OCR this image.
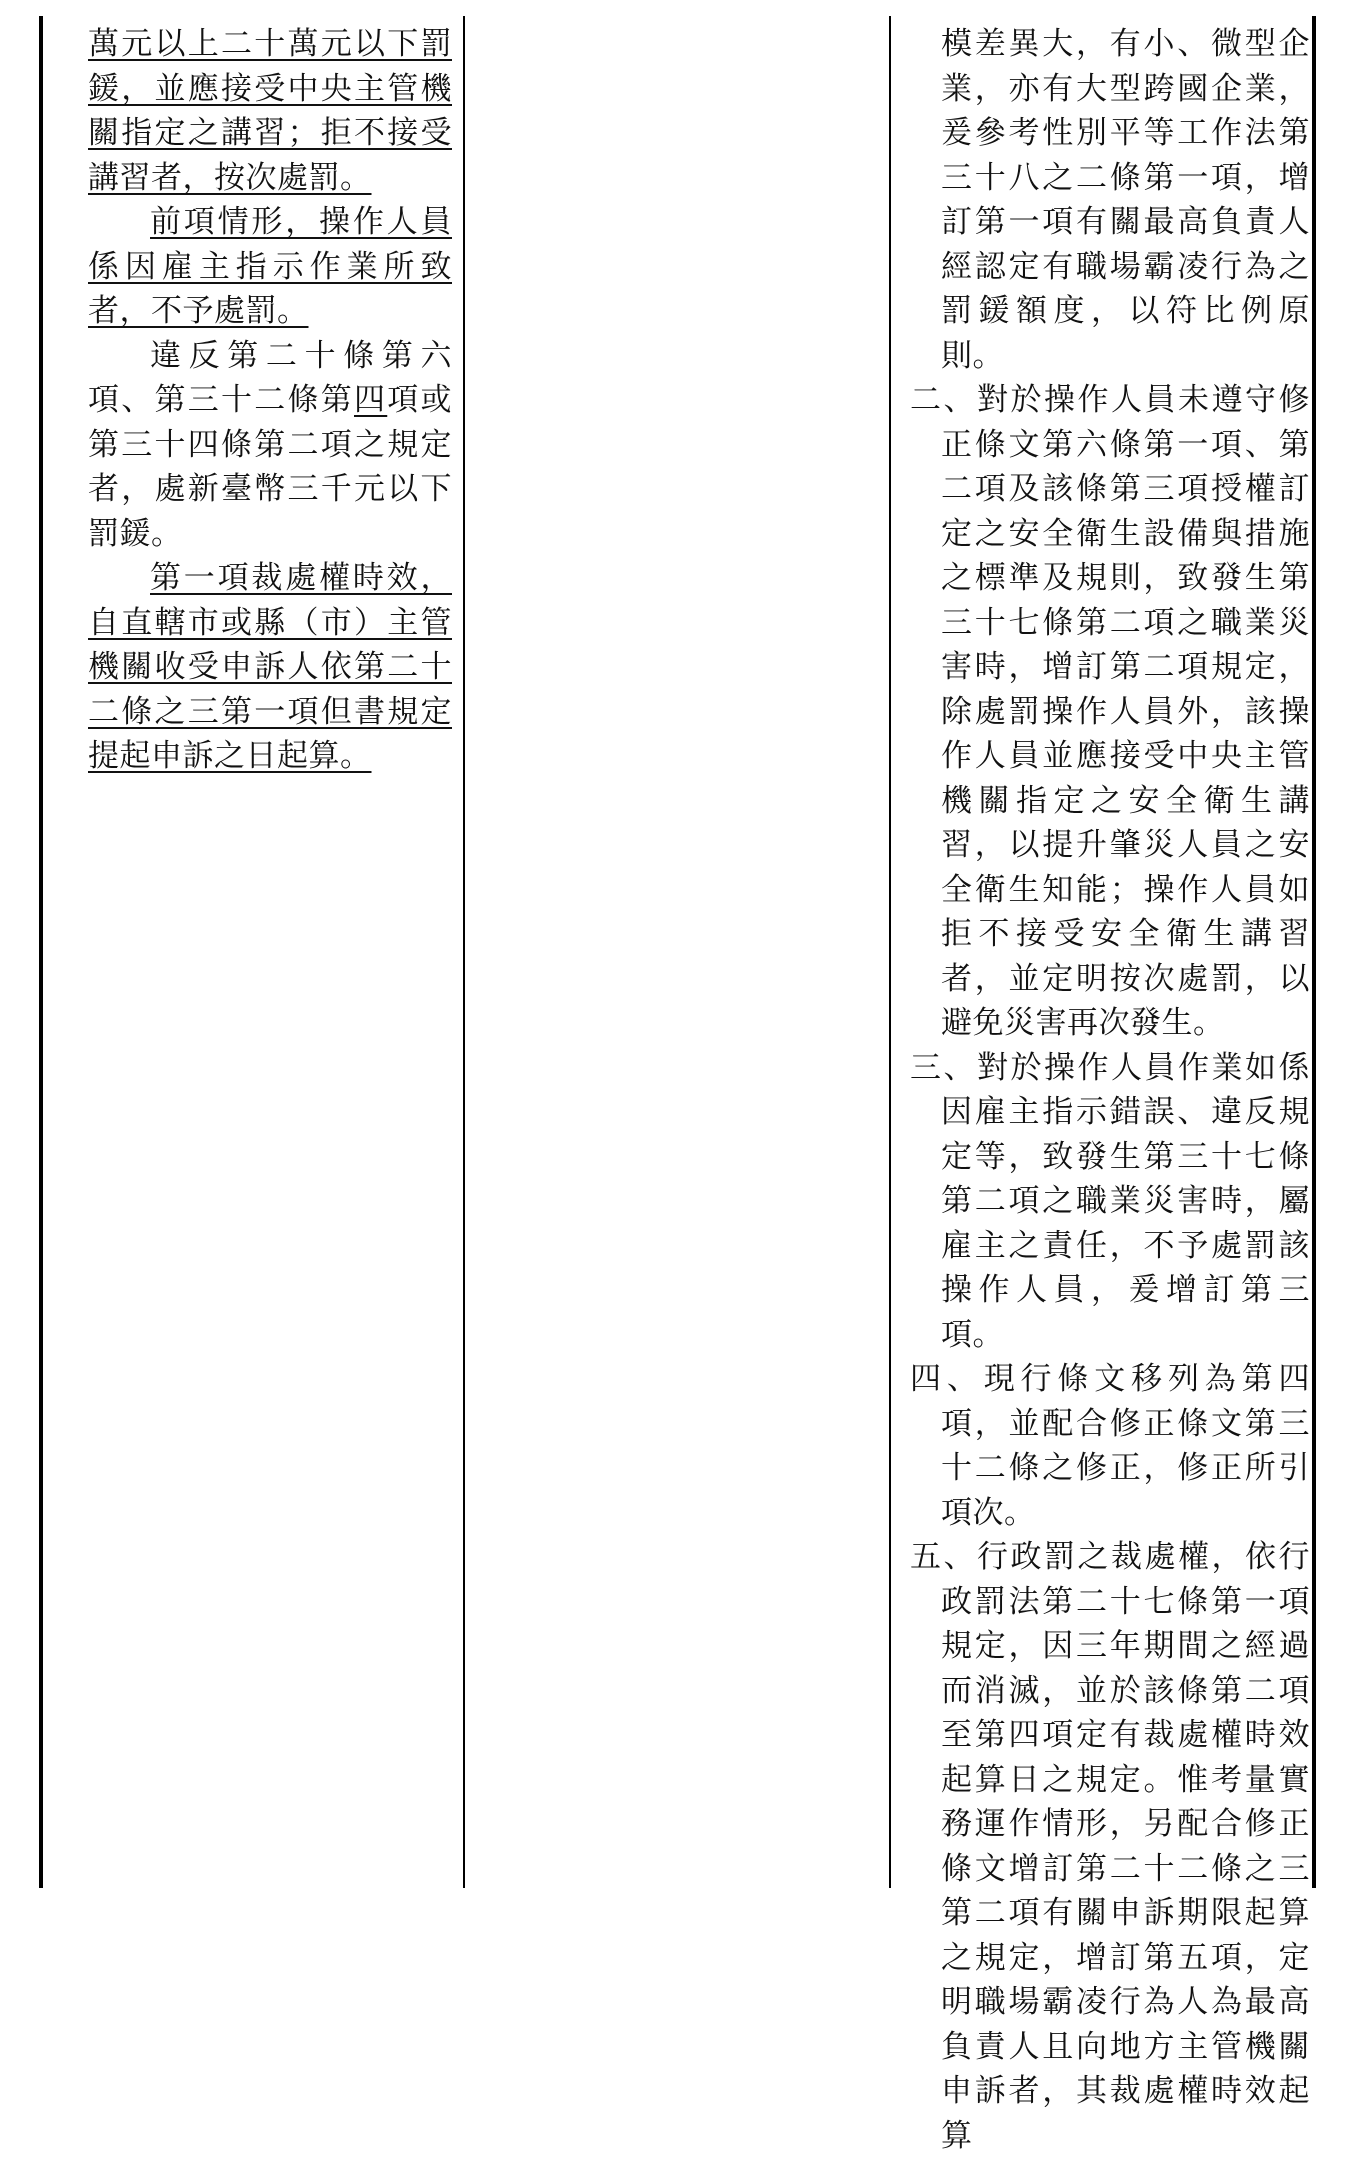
萬元以上二十萬元以下罰鍰，並應接受中央主管機關指定之講習；拒不接受講習者，按次處罰。

前項情形，操作人員係因雇主指示作業所致者，不予處罰。

違反第二十條第六項、第三十二條第四項或第三十四條第二項之規定者，處新臺幣三千元以下罰鍰。

第一項裁處權時效，自直轄市或縣（市）主管機關收受申訴人依第二十二條之三第一項但書規定提起申訴之日起算。

模差異大，有小、微型企業，亦有大型跨國企業，爰參考性別平等工作法第三十八之二條第一項，增訂第一項有關最高負責人經認定有職場霸凌行為之罰鍰額度，以符比例原則。

二、對於操作人員未遵守修正條文第六條第一項、第二項及該條第三項授權訂定之安全衛生設備與措施之標準及規則，致發生第三十七條第二項之職業災害時，增訂第二項規定，除處罰操作人員外，該操作人員並應接受中央主管機關指定之安全衛生講習，以提升肇災人員之安全衛生知能；操作人員如拒不接受安全衛生講習者，並定明按次處罰，以避免災害再次發生。

三、對於操作人員作業如係因雇主指示錯誤、違反規定等，致發生第三十七條第二項之職業災害時，屬雇主之責任，不予處罰該操作人員，爰增訂第三項。

四、現行條文移列為第四項，並配合修正條文第三十二條之修正，修正所引項次。

五、行政罰之裁處權，依行政罰法第二十七條第一項規定，因三年期間之經過而消滅，並於該條第二項至第四項定有裁處權時效起算日之規定。惟考量實務運作情形，另配合修正條文增訂第二十二條之三第二項有關申訴期限起算之規定，增訂第五項，定明職場霸凌行為人為最高負責人且向地方主管機關申訴者，其裁處權時效起算
